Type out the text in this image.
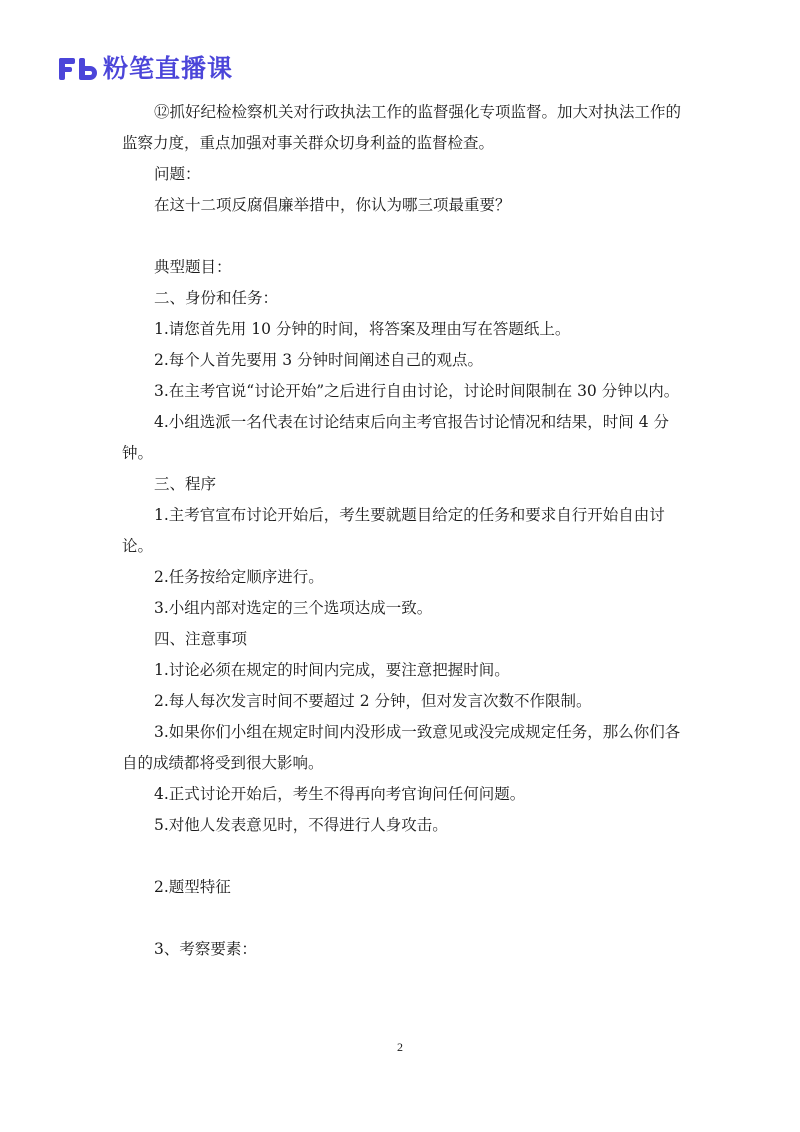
粉笔直播课

⑫抓好纪检检察机关对行政执法工作的监督强化专项监督。加大对执法工作的监察力度，重点加强对事关群众切身利益的监督检查。

问题：

在这十二项反腐倡廉举措中，你认为哪三项最重要？

典型题目：

二、身份和任务：

1.请您首先用 10 分钟的时间，将答案及理由写在答题纸上。

2.每个人首先要用 3 分钟时间阐述自己的观点。

3.在主考官说“讨论开始”之后进行自由讨论，讨论时间限制在 30 分钟以内。

4.小组选派一名代表在讨论结束后向主考官报告讨论情况和结果，时间 4 分钟。

三、程序

1.主考官宣布讨论开始后，考生要就题目给定的任务和要求自行开始自由讨论。

2.任务按给定顺序进行。

3.小组内部对选定的三个选项达成一致。

四、注意事项

1.讨论必须在规定的时间内完成，要注意把握时间。

2.每人每次发言时间不要超过 2 分钟，但对发言次数不作限制。

3.如果你们小组在规定时间内没形成一致意见或没完成规定任务，那么你们各自的成绩都将受到很大影响。

4.正式讨论开始后，考生不得再向考官询问任何问题。

5.对他人发表意见时，不得进行人身攻击。

2.题型特征

3、考察要素：

2
